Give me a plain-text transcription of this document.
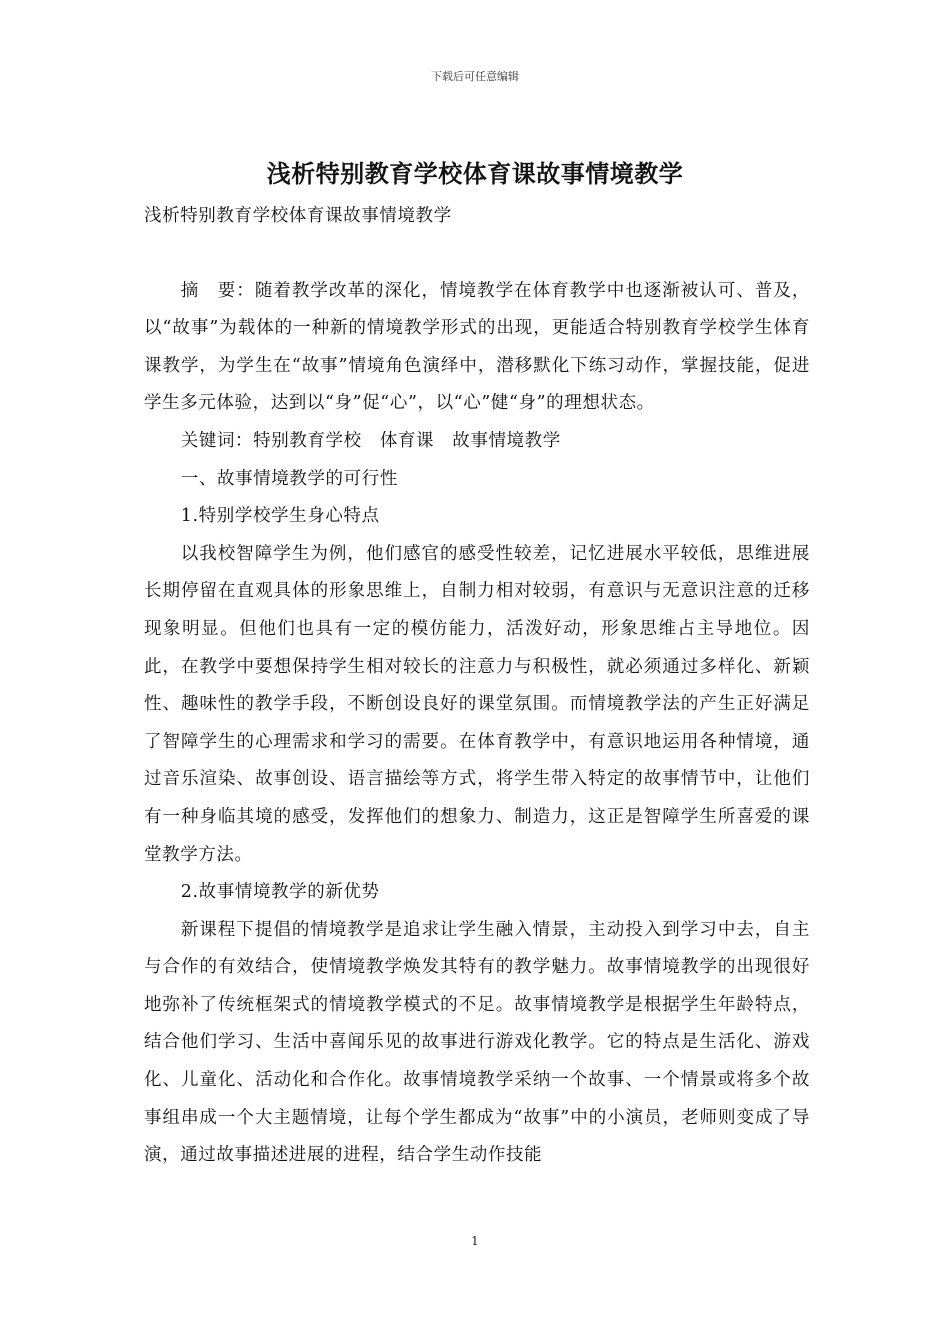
下载后可任意编辑
浅析特别教育学校体育课故事情境教学

浅析特别教育学校体育课故事情境教学

摘　要：随着教学改革的深化，情境教学在体育教学中也逐渐被认可、普及，以“故事”为载体的一种新的情境教学形式的出现，更能适合特别教育学校学生体育课教学，为学生在“故事”情境角色演绎中，潜移默化下练习动作，掌握技能，促进学生多元体验，达到以“身”促“心”，以“心”健“身”的理想状态。

关键词：特别教育学校　体育课　故事情境教学

一、故事情境教学的可行性

1.特别学校学生身心特点

以我校智障学生为例，他们感官的感受性较差，记忆进展水平较低，思维进展长期停留在直观具体的形象思维上，自制力相对较弱，有意识与无意识注意的迁移现象明显。但他们也具有一定的模仿能力，活泼好动，形象思维占主导地位。因此，在教学中要想保持学生相对较长的注意力与积极性，就必须通过多样化、新颖性、趣味性的教学手段，不断创设良好的课堂氛围。而情境教学法的产生正好满足了智障学生的心理需求和学习的需要。在体育教学中，有意识地运用各种情境，通过音乐渲染、故事创设、语言描绘等方式，将学生带入特定的故事情节中，让他们有一种身临其境的感受，发挥他们的想象力、制造力，这正是智障学生所喜爱的课堂教学方法。

2.故事情境教学的新优势

新课程下提倡的情境教学是追求让学生融入情景，主动投入到学习中去，自主与合作的有效结合，使情境教学焕发其特有的教学魅力。故事情境教学的出现很好地弥补了传统框架式的情境教学模式的不足。故事情境教学是根据学生年龄特点，结合他们学习、生活中喜闻乐见的故事进行游戏化教学。它的特点是生活化、游戏化、儿童化、活动化和合作化。故事情境教学采纳一个故事、一个情景或将多个故事组串成一个大主题情境，让每个学生都成为“故事”中的小演员，老师则变成了导演，通过故事描述进展的进程，结合学生动作技能

1
